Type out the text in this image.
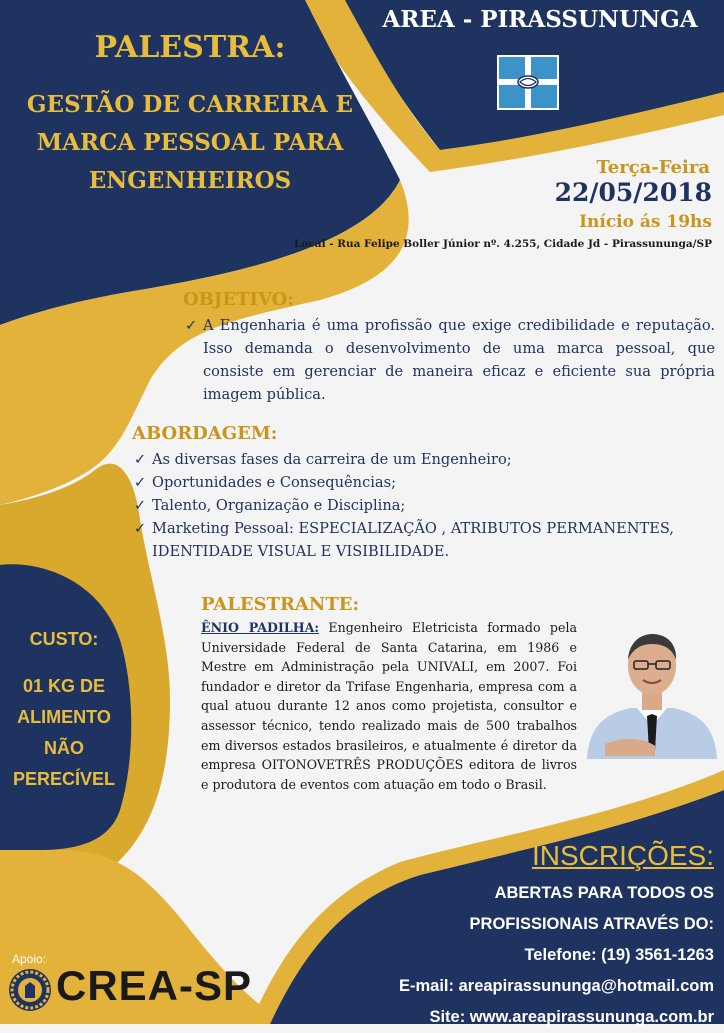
PALESTRA:
GESTÃO DE CARREIRA E
MARCA PESSOAL PARA
ENGENHEIROS
AREA - PIRASSUNUNGA
Terça-Feira
22/05/2018
Início ás 19hs
Local - Rua Felipe Boller Júnior nº. 4.255, Cidade Jd - Pirassununga/SP
OBJETIVO:
✓ A Engenharia é uma profissão que exige credibilidade e reputação. Isso demanda o desenvolvimento de uma marca pessoal, que consiste em gerenciar de maneira eficaz e eficiente sua própria imagem pública.
ABORDAGEM:
✓ As diversas fases da carreira de um Engenheiro;
✓ Oportunidades e Consequências;
✓ Talento, Organização e Disciplina;
✓ Marketing Pessoal: ESPECIALIZAÇÃO , ATRIBUTOS PERMANENTES, IDENTIDADE VISUAL E VISIBILIDADE.
PALESTRANTE:
ÊNIO PADILHA: Engenheiro Eletricista formado pela Universidade Federal de Santa Catarina, em 1986 e Mestre em Administração pela UNIVALI, em 2007. Foi fundador e diretor da Trifase Engenharia, empresa com a qual atuou durante 12 anos como projetista, consultor e assessor técnico, tendo realizado mais de 500 trabalhos em diversos estados brasileiros, e atualmente é diretor da empresa OITONOVETRÊS PRODUÇÕES editora de livros e produtora de eventos com atuação em todo o Brasil.
CUSTO:
01 KG DE
ALIMENTO
NÃO
PERECÍVEL
INSCRIÇÕES:
ABERTAS PARA TODOS OS
PROFISSIONAIS ATRAVÉS DO:
Telefone: (19) 3561-1263
E-mail: areapirassununga@hotmail.com
Site: www.areapirassununga.com.br
Apoio:
CREA-SP
